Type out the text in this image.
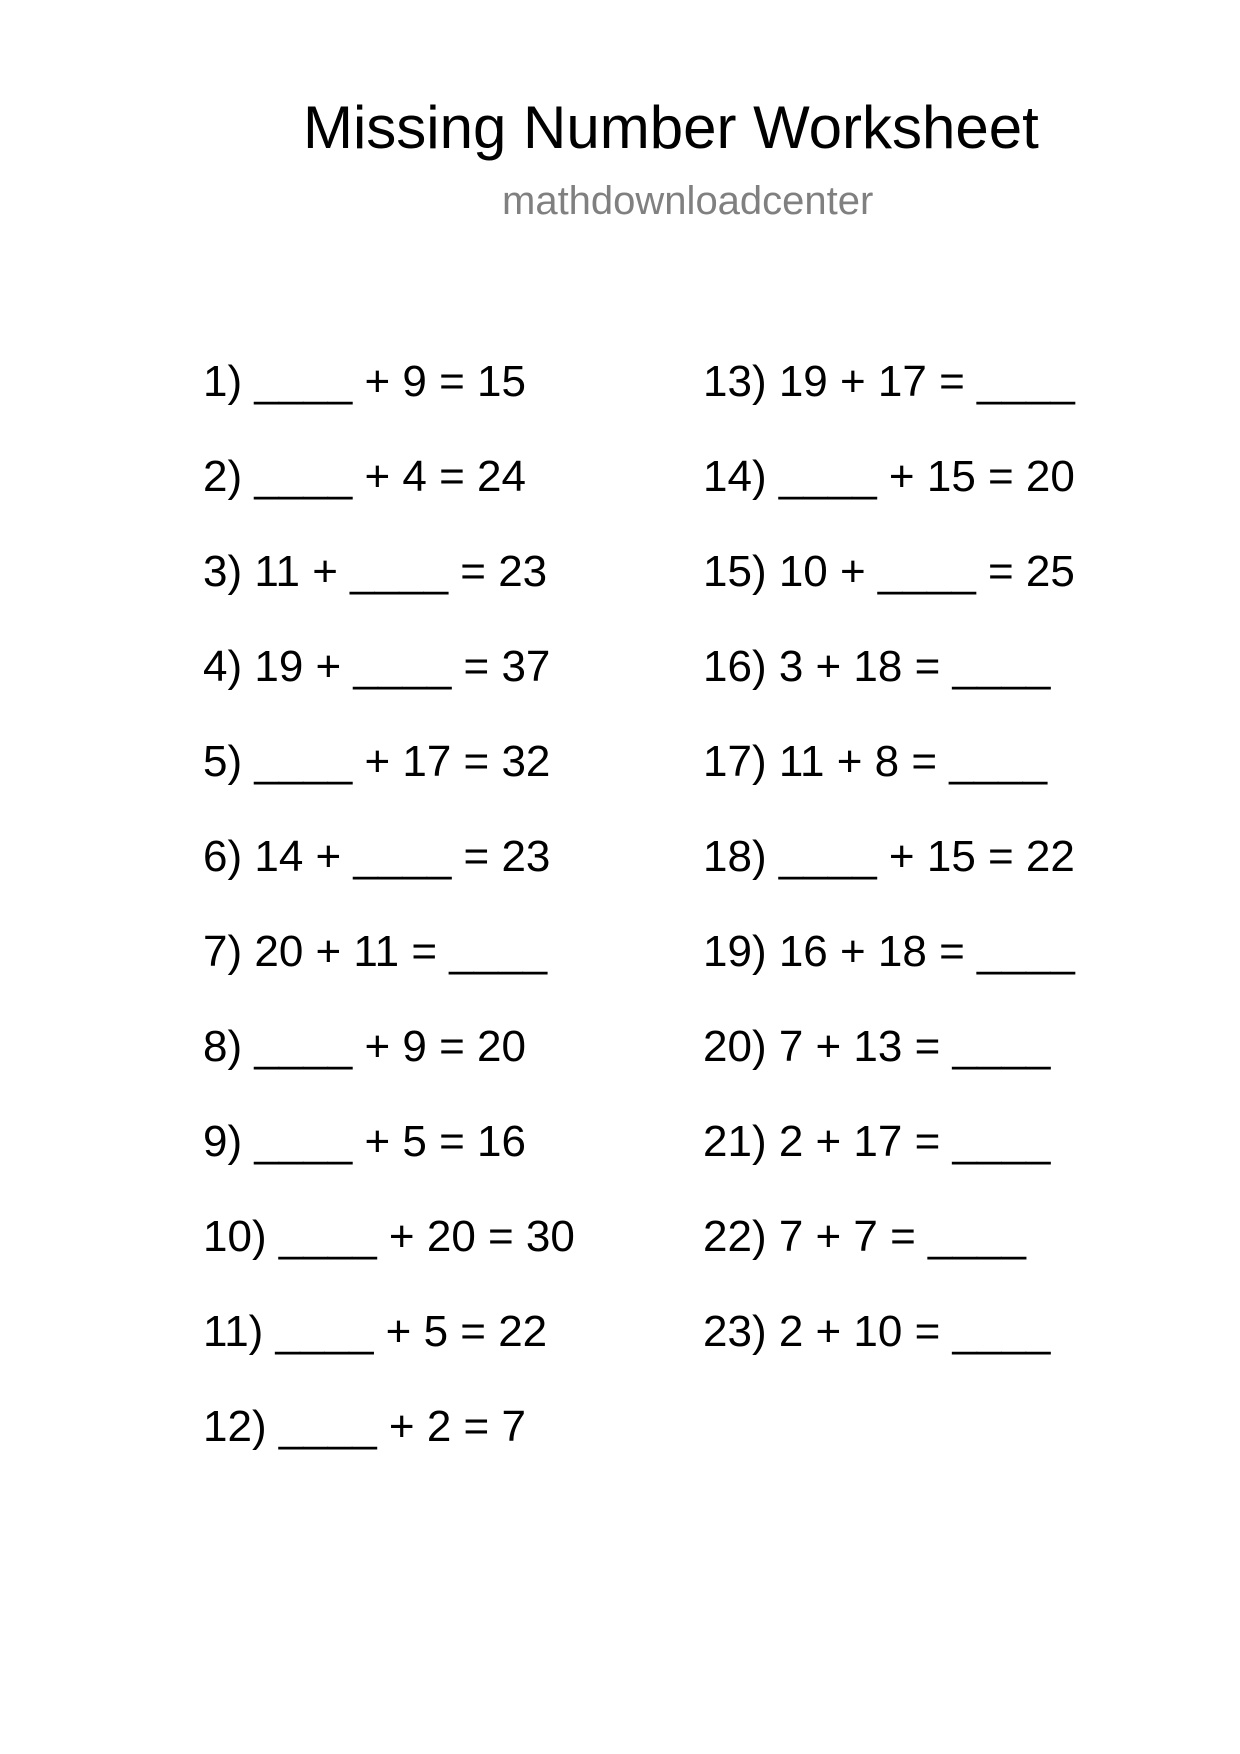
Missing Number Worksheet
mathdownloadcenter
1) ____ + 9 = 15
2) ____ + 4 = 24
3) 11 + ____ = 23
4) 19 + ____ = 37
5) ____ + 17 = 32
6) 14 + ____ = 23
7) 20 + 11 = ____
8) ____ + 9 = 20
9) ____ + 5 = 16
10) ____ + 20 = 30
11) ____ + 5 = 22
12) ____ + 2 = 7
13) 19 + 17 = ____
14) ____ + 15 = 20
15) 10 + ____ = 25
16) 3 + 18 = ____
17) 11 + 8 = ____
18) ____ + 15 = 22
19) 16 + 18 = ____
20) 7 + 13 = ____
21) 2 + 17 = ____
22) 7 + 7 = ____
23) 2 + 10 = ____
